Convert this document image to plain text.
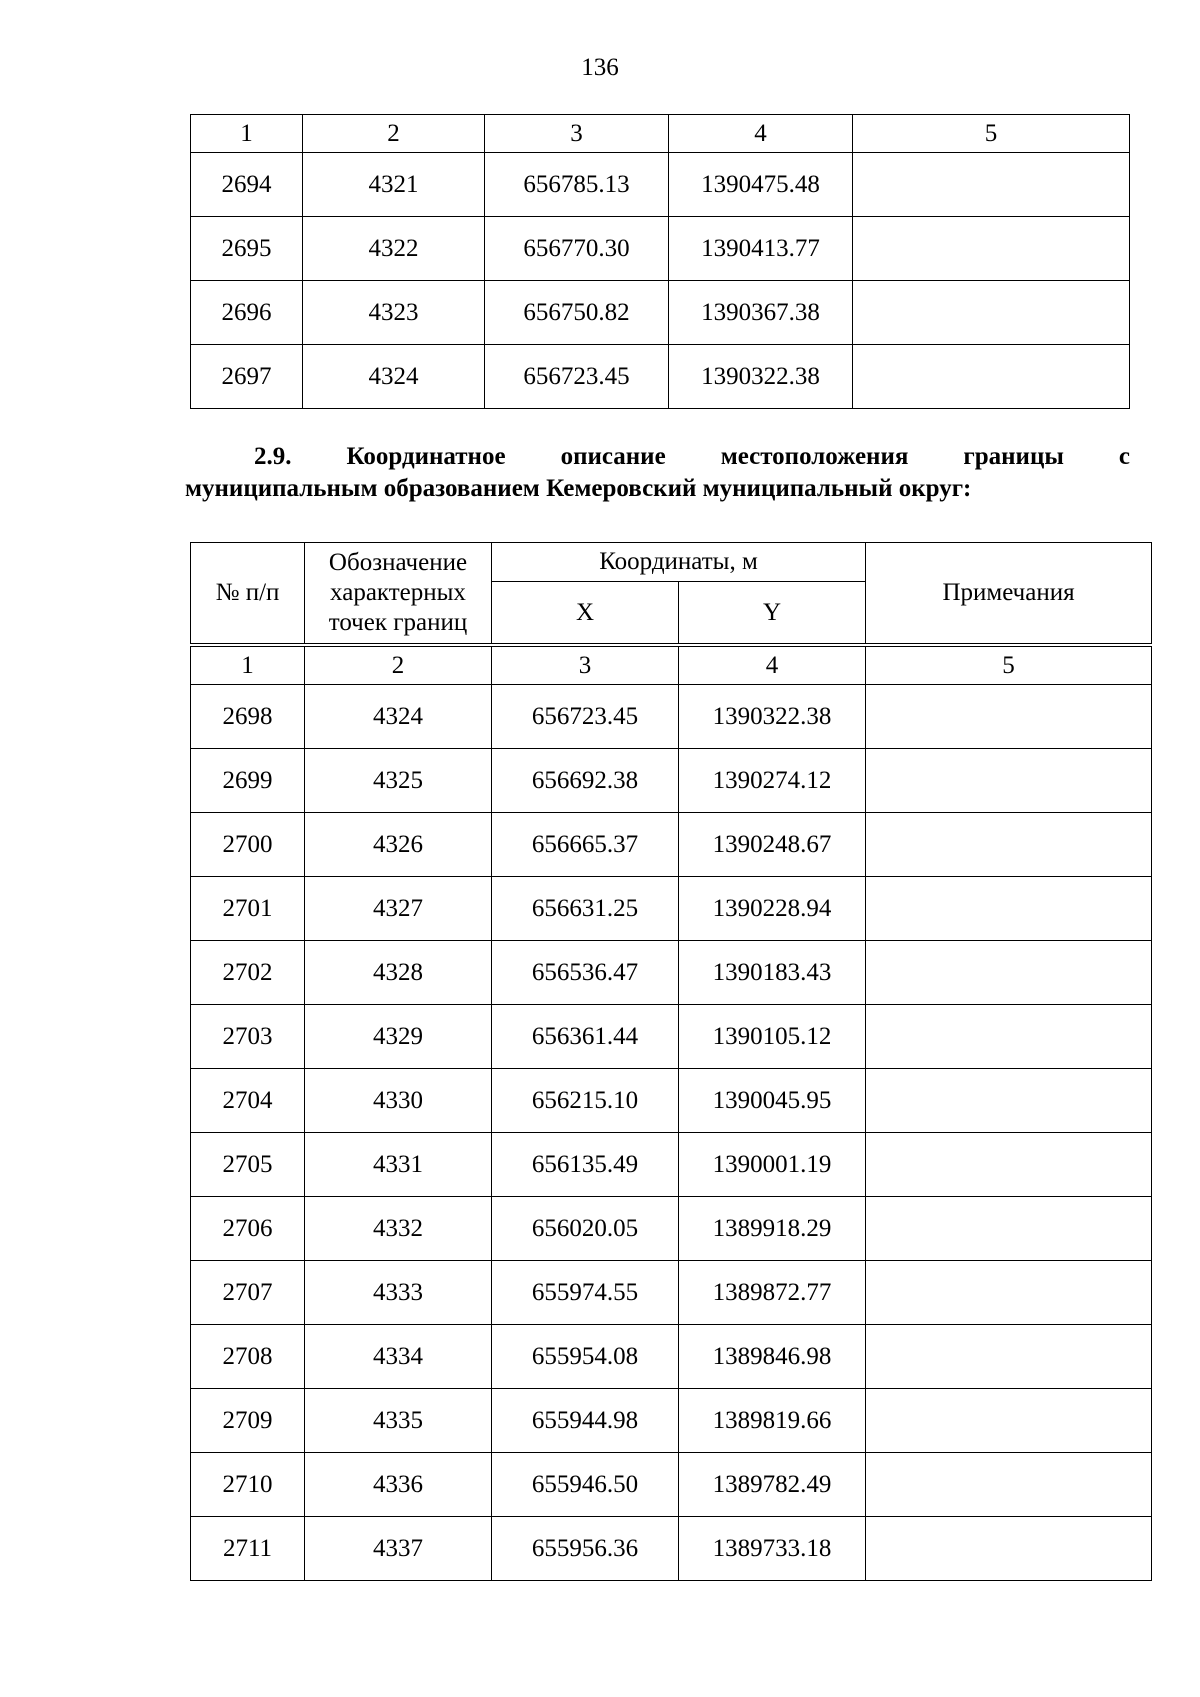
136
1	2	3	4	5
2694	4321	656785.13	1390475.48	
2695	4322	656770.30	1390413.77	
2696	4323	656750.82	1390367.38	
2697	4324	656723.45	1390322.38	
2.9. Координатное описание местоположения границы с
муниципальным образованием Кемеровский муниципальный округ:
№ п/п	Обозначение характерных точек границ	Координаты, м		Примечания
		X	Y	
1	2	3	4	5
2698	4324	656723.45	1390322.38	
2699	4325	656692.38	1390274.12	
2700	4326	656665.37	1390248.67	
2701	4327	656631.25	1390228.94	
2702	4328	656536.47	1390183.43	
2703	4329	656361.44	1390105.12	
2704	4330	656215.10	1390045.95	
2705	4331	656135.49	1390001.19	
2706	4332	656020.05	1389918.29	
2707	4333	655974.55	1389872.77	
2708	4334	655954.08	1389846.98	
2709	4335	655944.98	1389819.66	
2710	4336	655946.50	1389782.49	
2711	4337	655956.36	1389733.18	
